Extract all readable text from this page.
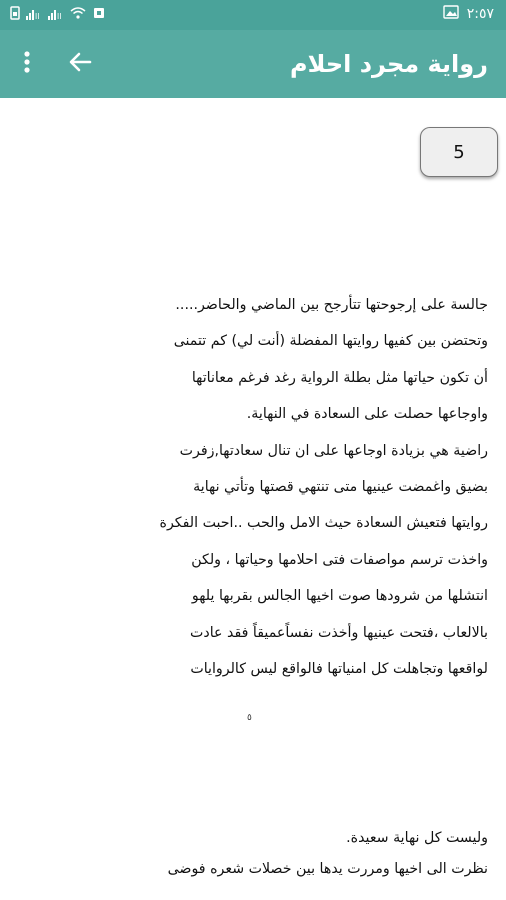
ll ll	٢:٥٧
رواية مجرد احلام
5
جالسة على إرجوحتها تتأرجح بين الماضي والحاضر.....
وتحتضن بين كفيها روايتها المفضلة (أنت لي) كم تتمنى
أن تكون حياتها مثل بطلة الرواية رغد فرغم معاناتها
واوجاعها حصلت على السعادة في النهاية.
راضية هي بزيادة اوجاعها على ان تنال سعادتها,زفرت
بضيق واغمضت عينيها متى تنتهي قصتها وتأتي نهاية
روايتها فتعيش السعادة حيث الامل والحب ..احبت الفكرة
واخذت ترسم مواصفات فتى احلامها وحياتها ، ولكن
انتشلها من شرودها صوت اخيها الجالس بقربها يلهو
بالالعاب ،فتحت عينيها وأخذت نفساًعميقاً فقد عادت
لواقعها وتجاهلت كل امنياتها فالواقع ليس كالروايات
٥
وليست كل نهاية سعيدة.
نظرت الى اخيها ومررت يدها بين خصلات شعره فوضى
